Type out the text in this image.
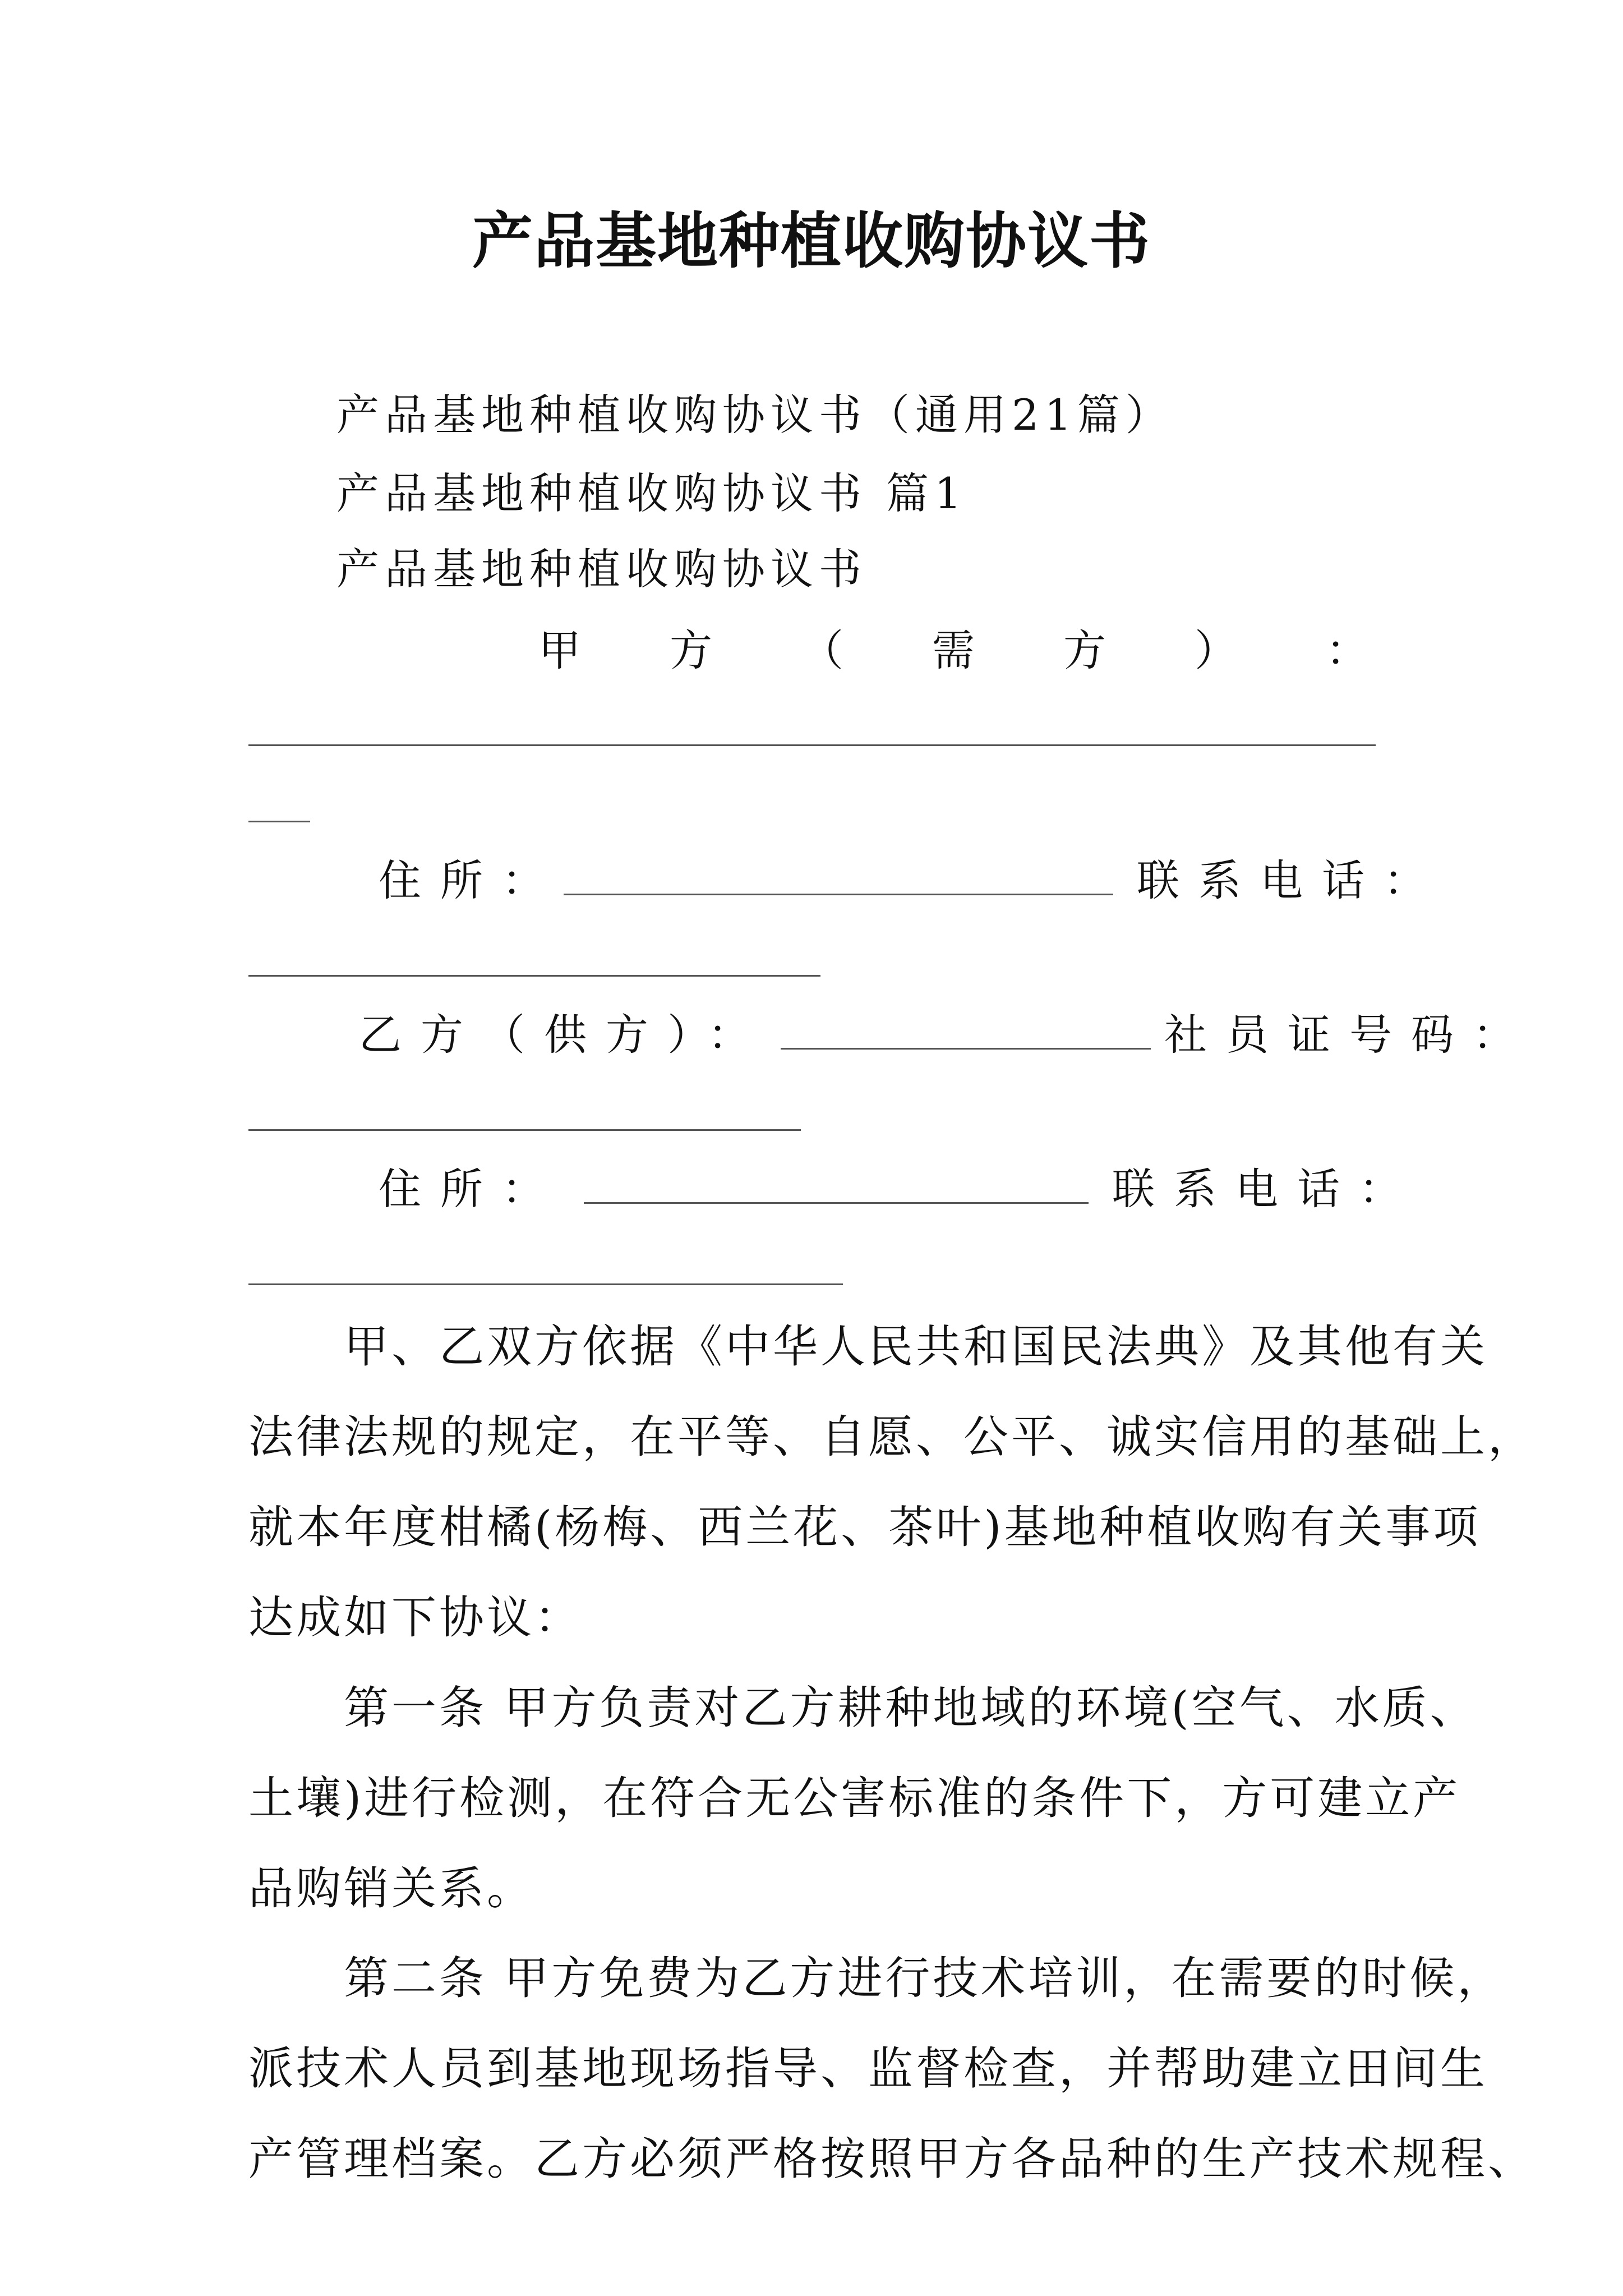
产品基地种植收购协议书
产品基地种植收购协议书（通用21篇）
产品基地种植收购协议书 篇1
产品基地种植收购协议书
甲 方 （ 需 方 ） ：
住所：	联系电话：
乙方（供方）：	社员证号码：
住所：	联系电话：
　　甲、乙双方依据《中华人民共和国民法典》及其他有关
法律法规的规定，在平等、自愿、公平、诚实信用的基础上，
就本年度柑橘(杨梅、西兰花、茶叶)基地种植收购有关事项
达成如下协议：
　　第一条 甲方负责对乙方耕种地域的环境(空气、水质、
土壤)进行检测，在符合无公害标准的条件下，方可建立产
品购销关系。
　　第二条 甲方免费为乙方进行技术培训，在需要的时候，
派技术人员到基地现场指导、监督检查，并帮助建立田间生
产管理档案。乙方必须严格按照甲方各品种的生产技术规程、
